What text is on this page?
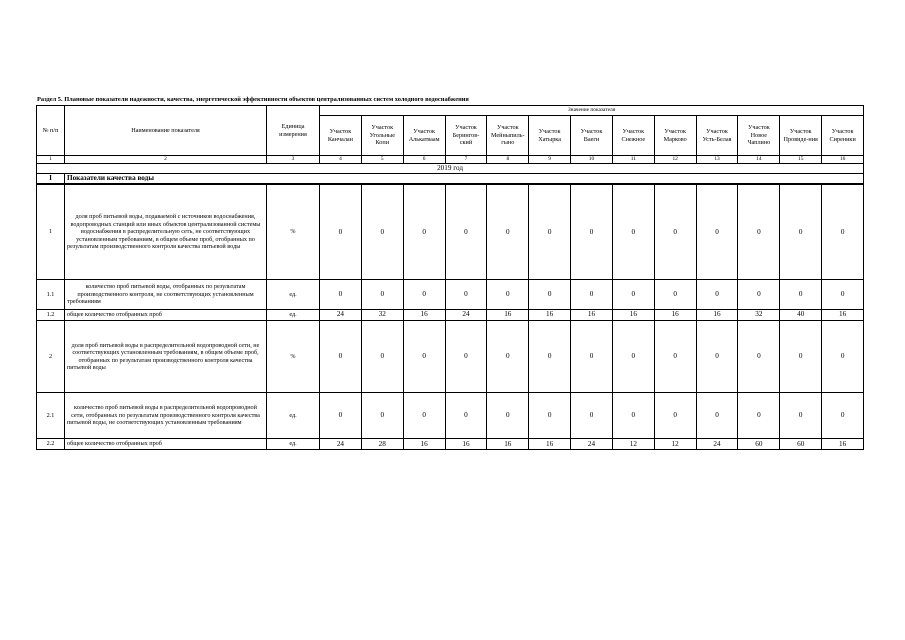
Раздел 5. Плановые показатели надежности, качества, энергетической эффективности объектов централизованных систем холодного водоснабжения
№ п/п	Наименование показателя	Единица измерения	Значение показателя												
			Участок Канчалан	Участок Угольные Копи	Участок Алькатваам	Участок Берингов-ский	Участок Мейныпиль-гыно	Участок Хатырка	Участок Ваеги	Участок Снежное	Участок Марково	Участок Усть-Белая	Участок Новое Чаплино	Участок Провиде-ния	Участок Сиреники
1	2	3	4	5	6	7	8	9	10	11	12	13	14	15	16
2019 год															
I	Показатели качества воды														
1	доля проб питьевой воды, подаваемой с источников водоснабжения, водопроводных станций или иных объектов централизованной системы водоснабжения в распределительную сеть, не соответствующих установленным требованиям, в общем объеме проб, отобранных по результатам производственного контроля качества питьевой воды	%	0	0	0	0	0	0	0	0	0	0	0	0	0
1.1	количество проб питьевой воды, отобранных по результатам производственного контроля, не соответствующих установленным требованиям	ед.	0	0	0	0	0	0	0	0	0	0	0	0	0
1.2	общее количество отобранных проб	ед.	24	32	16	24	16	16	16	16	16	16	32	40	16
2	доля проб питьевой воды в распределительной водопроводной сети, не соответствующих установленным требованиям, в общем объеме проб, отобранных по результатам производственного контроля качества питьевой воды	%	0	0	0	0	0	0	0	0	0	0	0	0	0
2.1	количество проб питьевой воды в распределительной водопроводной сети, отобранных по результатам производственного контроля качества питьевой воды, не соответствующих установленным требованиям	ед.	0	0	0	0	0	0	0	0	0	0	0	0	0
2.2	общее количество отобранных проб	ед.	24	28	16	16	16	16	24	12	12	24	60	60	16
